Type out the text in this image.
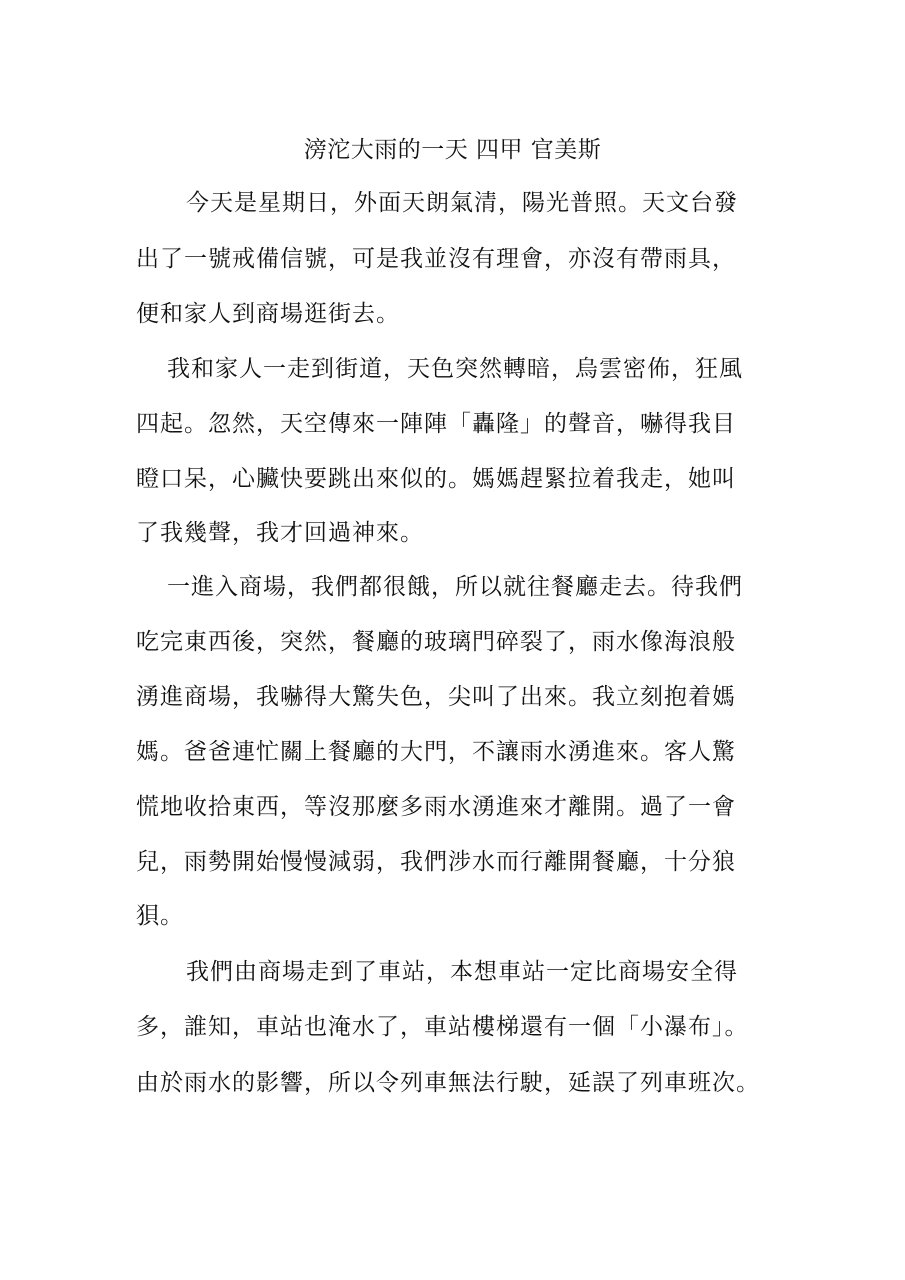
滂沱大雨的一天 四甲 官美斯
今天是星期日，外面天朗氣清，陽光普照。天文台發
出了一號戒備信號，可是我並沒有理會，亦沒有帶雨具，
便和家人到商場逛街去。
我和家人一走到街道，天色突然轉暗，烏雲密佈，狂風
四起。忽然，天空傳來一陣陣「轟隆」的聲音，嚇得我目
瞪口呆，心臟快要跳出來似的。媽媽趕緊拉着我走，她叫
了我幾聲，我才回過神來。
一進入商場，我們都很餓，所以就往餐廳走去。待我們
吃完東西後，突然，餐廳的玻璃門碎裂了，雨水像海浪般
湧進商場，我嚇得大驚失色，尖叫了出來。我立刻抱着媽
媽。爸爸連忙關上餐廳的大門，不讓雨水湧進來。客人驚
慌地收拾東西，等沒那麼多雨水湧進來才離開。過了一會
兒，雨勢開始慢慢減弱，我們涉水而行離開餐廳，十分狼
狽。
我們由商場走到了車站，本想車站一定比商場安全得
多，誰知，車站也淹水了，車站樓梯還有一個「小瀑布」。
由於雨水的影響，所以令列車無法行駛，延誤了列車班次。
